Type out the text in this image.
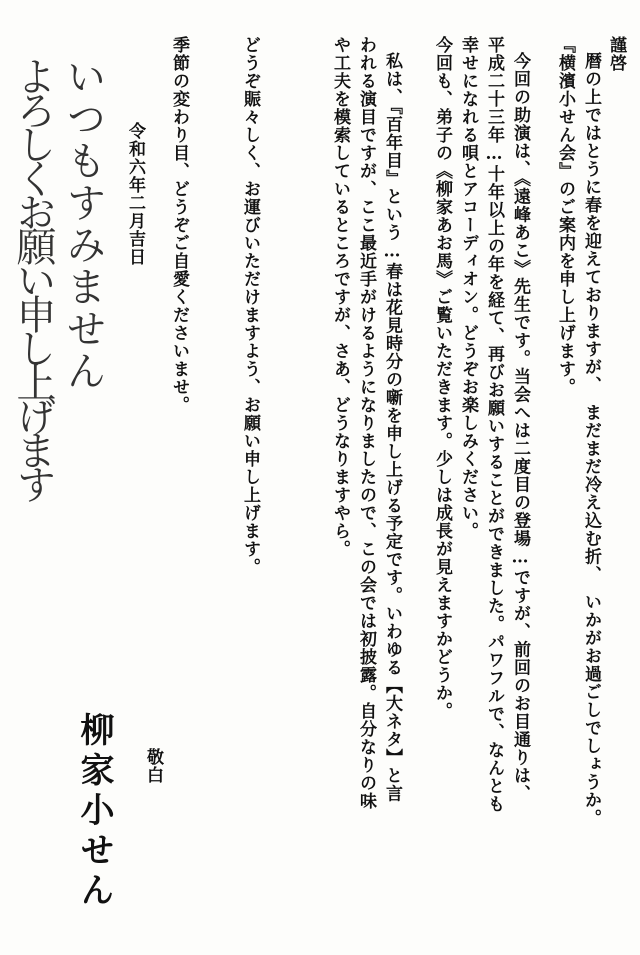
謹啓
暦の上ではとうに春を迎えておりますが、　まだまだ冷え込む折、　いかがお過ごしでしょうか。
『横濱小せん会』のご案内を申し上げます。
今回の助演は、《遠峰あこ》先生です。当会へは二度目の登場…ですが、前回のお目通りは、
平成二十三年…十年以上の年を経て、再びお願いすることができました。パワフルで、なんとも
幸せになれる唄とアコーディオン。どうぞお楽しみください。
今回も、弟子の《柳家あお馬》ご覧いただきます。少しは成長が見えますかどうか。
私は、『百年目』という…春は花見時分の噺を申し上げる予定です。いわゆる【大ネタ】と言
われる演目ですが、ここ最近手がけるようになりましたので、この会では初披露。自分なりの味
や工夫を模索しているところですが、さあ、どうなりますやら。
どうぞ賑々しく、お運びいただけますよう、お願い申し上げます。
季節の変わり目、どうぞご自愛くださいませ。
令和六年二月吉日
敬白
柳家小せん
いつもすみません
よろしくお願い申し上げます
